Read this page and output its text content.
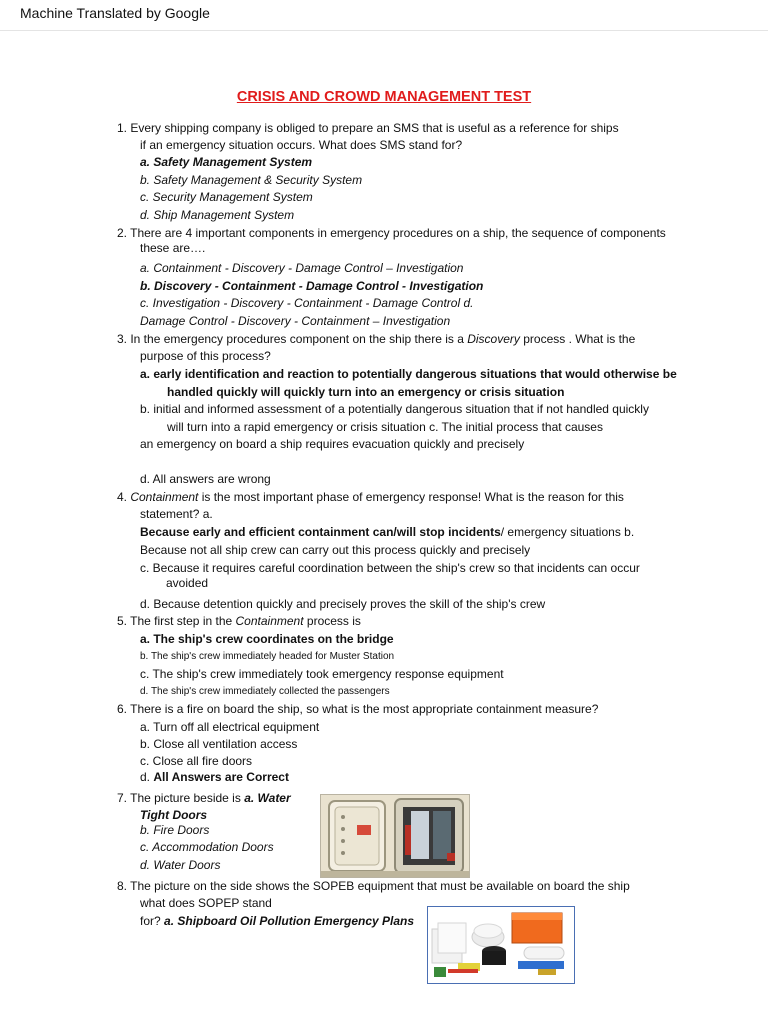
Machine Translated by Google
CRISIS AND CROWD MANAGEMENT TEST
1. Every shipping company is obliged to prepare an SMS that is useful as a reference for ships
if an emergency situation occurs. What does SMS stand for?
a. Safety Management System
b. Safety Management & Security System
c. Security Management System
d. Ship Management System
2. There are 4 important components in emergency procedures on a ship, the sequence of components
these are….
a. Containment - Discovery - Damage Control – Investigation
b. Discovery - Containment - Damage Control - Investigation
c. Investigation - Discovery - Containment - Damage Control d.
Damage Control - Discovery - Containment – Investigation
3. In the emergency procedures component on the ship there is a Discovery process . What is the
purpose of this process?
a. early identification and reaction to potentially dangerous situations that would otherwise be
handled quickly will quickly turn into an emergency or crisis situation
b. initial and informed assessment of a potentially dangerous situation that if not handled quickly
will turn into a rapid emergency or crisis situation c. The initial process that causes
an emergency on board a ship requires evacuation quickly and precisely
d. All answers are wrong
4. Containment is the most important phase of emergency response! What is the reason for this
statement? a.
Because early and efficient containment can/will stop incidents/ emergency situations b.
Because not all ship crew can carry out this process quickly and precisely
c. Because it requires careful coordination between the ship's crew so that incidents can occur
avoided
d. Because detention quickly and precisely proves the skill of the ship's crew
5. The first step in the Containment process is
a. The ship's crew coordinates on the bridge
b. The ship's crew immediately headed for Muster Station
c. The ship's crew immediately took emergency response equipment
d. The ship's crew immediately collected the passengers
6. There is a fire on board the ship, so what is the most appropriate containment measure?
a. Turn off all electrical equipment
b. Close all ventilation access
c. Close all fire doors
d. All Answers are Correct
7. The picture beside is a. Water
Tight Doors
b. Fire Doors
c. Accommodation Doors
d. Water Doors
8. The picture on the side shows the SOPEB equipment that must be available on board the ship
what does SOPEP stand
for? a. Shipboard Oil Pollution Emergency Plans
